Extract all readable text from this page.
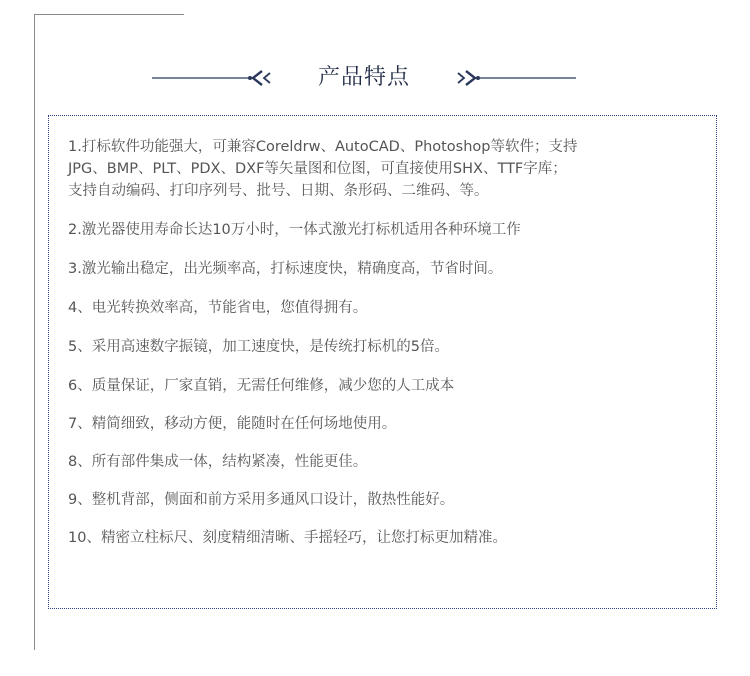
产品特点
1.打标软件功能强大，可兼容Coreldrw、AutoCAD、Photoshop等软件；支持
JPG、BMP、PLT、PDX、DXF等矢量图和位图，可直接使用SHX、TTF字库；
支持自动编码、打印序列号、批号、日期、条形码、二维码、等。
2.激光器使用寿命长达10万小时，一体式激光打标机适用各种环境工作
3.激光输出稳定，出光频率高，打标速度快，精确度高，节省时间。
4、电光转换效率高，节能省电，您值得拥有。
5、采用高速数字振镜，加工速度快，是传统打标机的5倍。
6、质量保证，厂家直销，无需任何维修，减少您的人工成本
7、精简细致，移动方便，能随时在任何场地使用。
8、所有部件集成一体，结构紧凑，性能更佳。
9、整机背部，侧面和前方采用多通风口设计，散热性能好。
10、精密立柱标尺、刻度精细清晰、手摇轻巧，让您打标更加精准。
